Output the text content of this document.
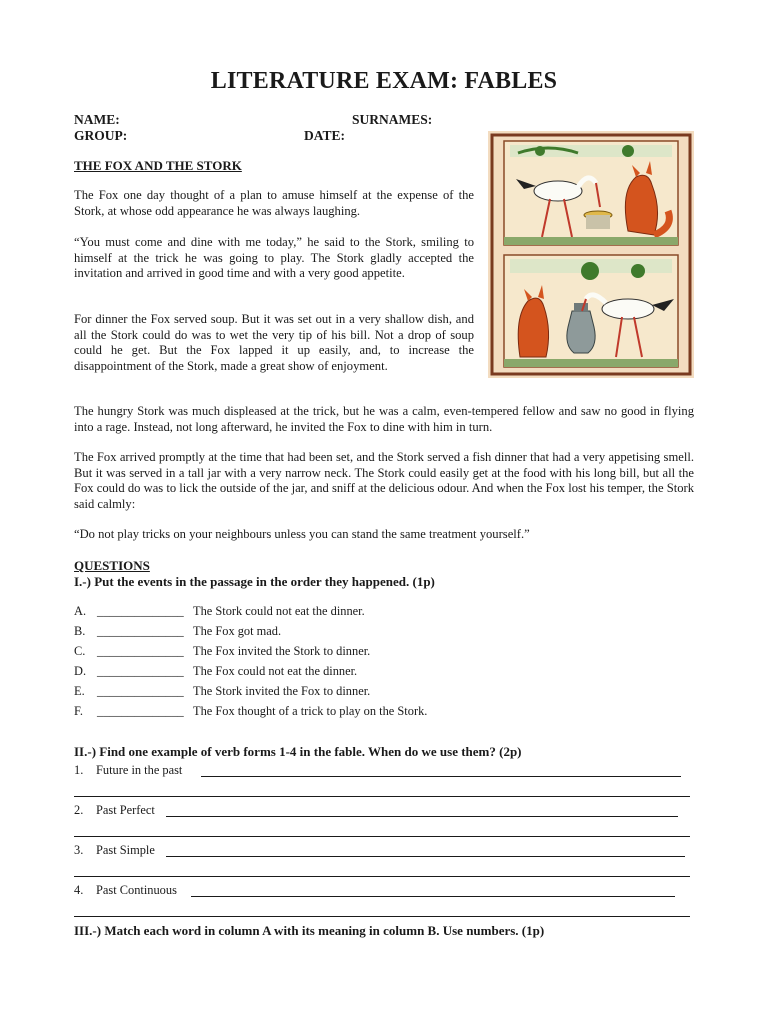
LITERATURE EXAM: FABLES
NAME:	SURNAMES:
GROUP:	DATE:
THE FOX AND THE STORK
The Fox one day thought of a plan to amuse himself at the expense of the Stork, at whose odd appearance he was always laughing.
“You must come and dine with me today,” he said to the Stork, smiling to himself at the trick he was going to play. The Stork gladly accepted the invitation and arrived in good time and with a very good appetite.
For dinner the Fox served soup. But it was set out in a very shallow dish, and all the Stork could do was to wet the very tip of his bill. Not a drop of soup could he get. But the Fox lapped it up easily, and, to increase the disappointment of the Stork, made a great show of enjoyment.
The hungry Stork was much displeased at the trick, but he was a calm, even-tempered fellow and saw no good in flying into a rage. Instead, not long afterward, he invited the Fox to dine with him in turn.
The Fox arrived promptly at the time that had been set, and the Stork served a fish dinner that had a very appetising smell. But it was served in a tall jar with a very narrow neck. The Stork could easily get at the food with his long bill, but all the Fox could do was to lick the outside of the jar, and sniff at the delicious odour. And when the Fox lost his temper, the Stork said calmly:
“Do not play tricks on your neighbours unless you can stand the same treatment yourself.”
QUESTIONS
I.-) Put the events in the passage in the order they happened. (1p)
A. ______________ The Stork could not eat the dinner.
B. ______________ The Fox got mad.
C. ______________ The Fox invited the Stork to dinner.
D. ______________ The Fox could not eat the dinner.
E. ______________ The Stork invited the Fox to dinner.
F. ______________ The Fox thought of a trick to play on the Stork.
II.-) Find one example of verb forms 1-4 in the fable. When do we use them? (2p)
1. Future in the past
2. Past Perfect
3. Past Simple
4. Past Continuous
III.-) Match each word in column A with its meaning in column B. Use numbers. (1p)
